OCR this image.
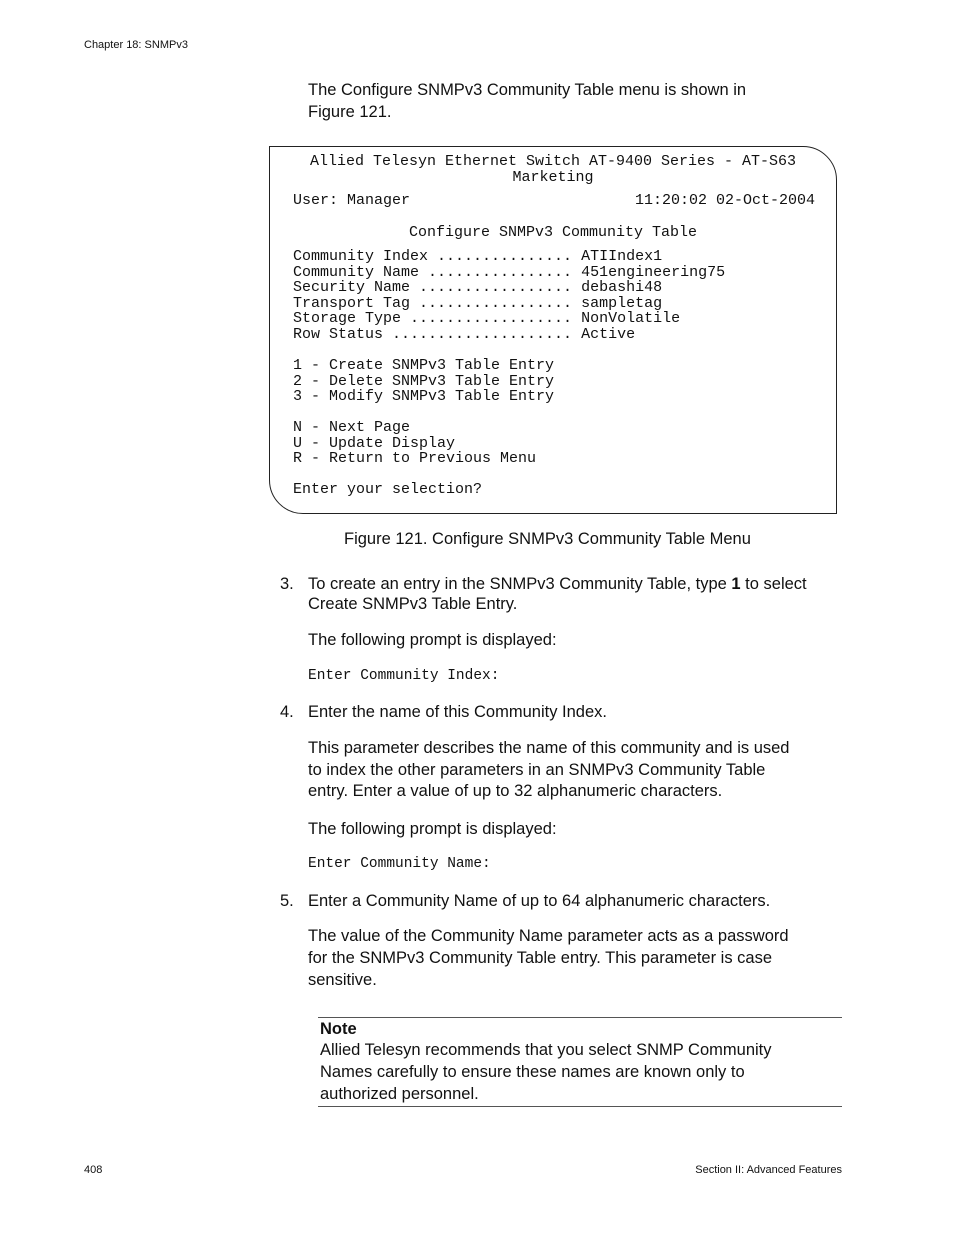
Chapter 18: SNMPv3
The Configure SNMPv3 Community Table menu is shown in Figure 121.
Allied Telesyn Ethernet Switch AT-9400 Series - AT-S63
Marketing
User: Manager	11:20:02 02-Oct-2004
Configure SNMPv3 Community Table
Community Index ............... ATIIndex1
Community Name ................ 451engineering75
Security Name ................. debashi48
Transport Tag ................. sampletag
Storage Type .................. NonVolatile
Row Status .................... Active
1 - Create SNMPv3 Table Entry
2 - Delete SNMPv3 Table Entry
3 - Modify SNMPv3 Table Entry
N - Next Page
U - Update Display
R - Return to Previous Menu
Enter your selection?
Figure 121. Configure SNMPv3 Community Table Menu
3. To create an entry in the SNMPv3 Community Table, type 1 to select
Create SNMPv3 Table Entry.
The following prompt is displayed:
Enter Community Index:
4. Enter the name of this Community Index.
This parameter describes the name of this community and is used
to index the other parameters in an SNMPv3 Community Table
entry. Enter a value of up to 32 alphanumeric characters.
The following prompt is displayed:
Enter Community Name:
5. Enter a Community Name of up to 64 alphanumeric characters.
The value of the Community Name parameter acts as a password
for the SNMPv3 Community Table entry. This parameter is case
sensitive.
Note
Allied Telesyn recommends that you select SNMP Community
Names carefully to ensure these names are known only to
authorized personnel.
408	Section II: Advanced Features
